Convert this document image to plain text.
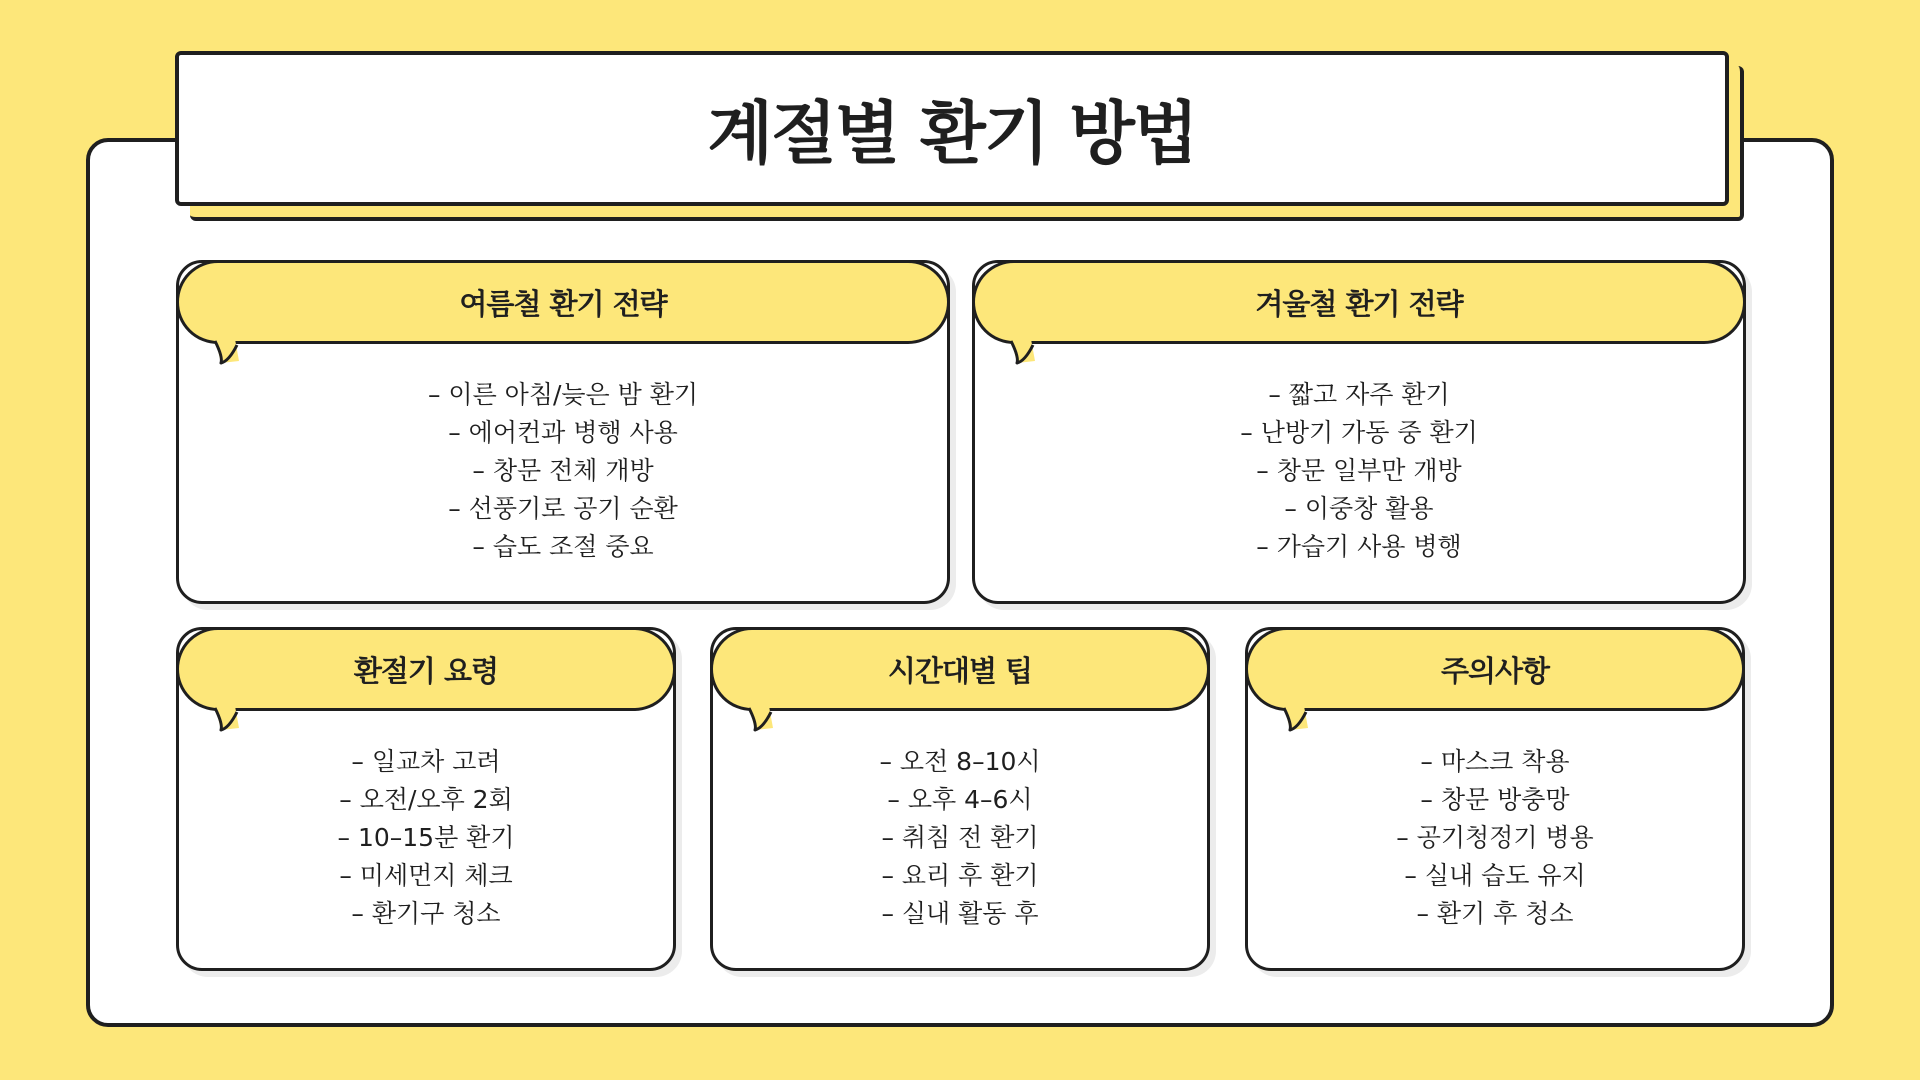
계절별 환기 방법
여름철 환기 전략
– 이른 아침/늦은 밤 환기
– 에어컨과 병행 사용
– 창문 전체 개방
– 선풍기로 공기 순환
– 습도 조절 중요
겨울철 환기 전략
– 짧고 자주 환기
– 난방기 가동 중 환기
– 창문 일부만 개방
– 이중창 활용
– 가습기 사용 병행
환절기 요령
– 일교차 고려
– 오전/오후 2회
– 10–15분 환기
– 미세먼지 체크
– 환기구 청소
시간대별 팁
– 오전 8–10시
– 오후 4–6시
– 취침 전 환기
– 요리 후 환기
– 실내 활동 후
주의사항
– 마스크 착용
– 창문 방충망
– 공기청정기 병용
– 실내 습도 유지
– 환기 후 청소
